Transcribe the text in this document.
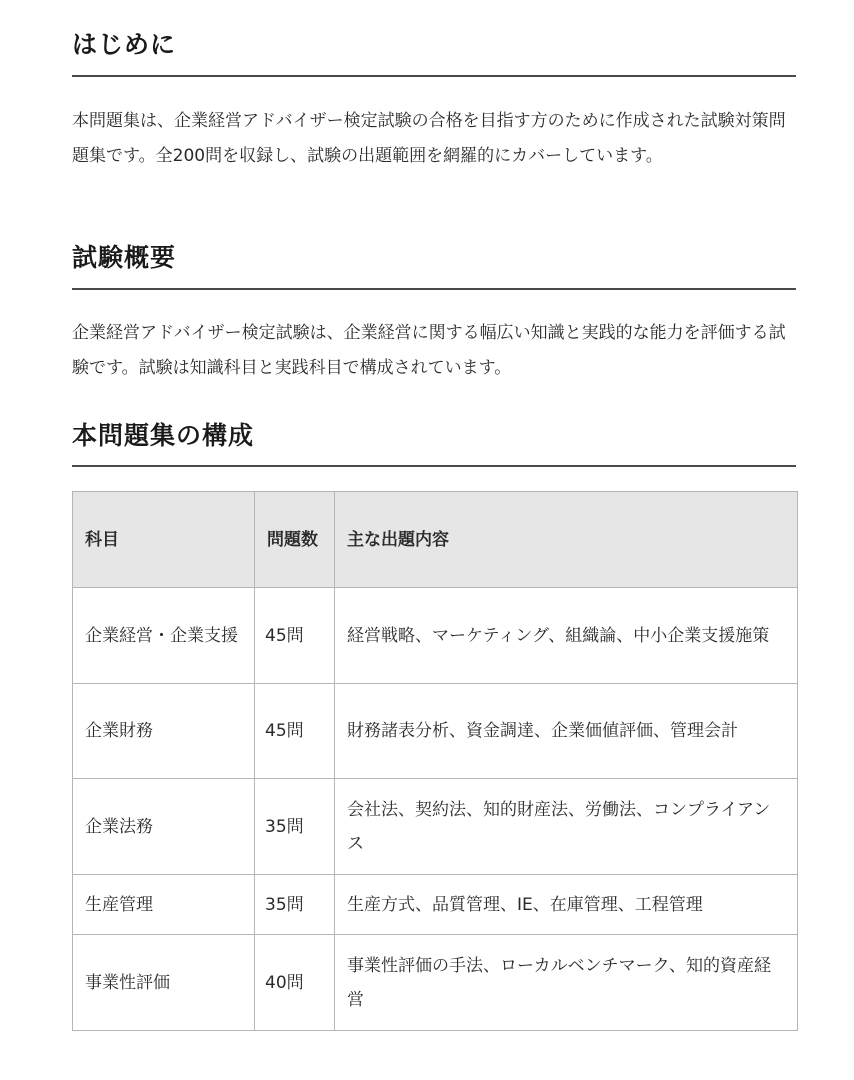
はじめに

本問題集は、企業経営アドバイザー検定試験の合格を目指す方のために作成された試験対策問題集です。全200問を収録し、試験の出題範囲を網羅的にカバーしています。

試験概要

企業経営アドバイザー検定試験は、企業経営に関する幅広い知識と実践的な能力を評価する試験です。試験は知識科目と実践科目で構成されています。

本問題集の構成
科目	問題数	主な出題内容
企業経営・企業支援	45問	経営戦略、マーケティング、組織論、中小企業支援施策
企業財務	45問	財務諸表分析、資金調達、企業価値評価、管理会計
企業法務	35問	会社法、契約法、知的財産法、労働法、コンプライアンス
生産管理	35問	生産方式、品質管理、IE、在庫管理、工程管理
事業性評価	40問	事業性評価の手法、ローカルベンチマーク、知的資産経営
